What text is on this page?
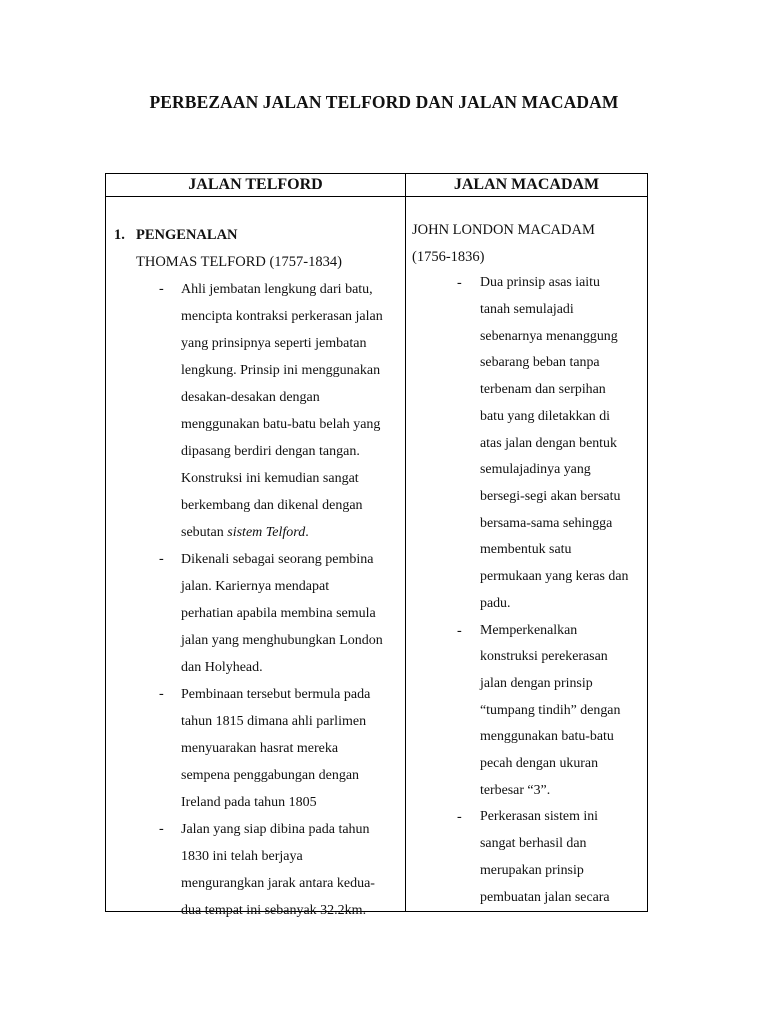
PERBEZAAN JALAN TELFORD DAN JALAN MACADAM
JALAN TELFORD	JALAN MACADAM
1. PENGENALAN
THOMAS TELFORD (1757-1834)
- Ahli jembatan lengkung dari batu,
mencipta kontraksi perkerasan jalan
yang prinsipnya seperti jembatan
lengkung. Prinsip ini menggunakan
desakan-desakan dengan
menggunakan batu-batu belah yang
dipasang berdiri dengan tangan.
Konstruksi ini kemudian sangat
berkembang dan dikenal dengan
sebutan sistem Telford.
- Dikenali sebagai seorang pembina
jalan. Kariernya mendapat
perhatian apabila membina semula
jalan yang menghubungkan London
dan Holyhead.
- Pembinaan tersebut bermula pada
tahun 1815 dimana ahli parlimen
menyuarakan hasrat mereka
sempena penggabungan dengan
Ireland pada tahun 1805
- Jalan yang siap dibina pada tahun
1830 ini telah berjaya
mengurangkan jarak antara kedua-
dua tempat ini sebanyak 32.2km.
JOHN LONDON MACADAM
(1756-1836)
- Dua prinsip asas iaitu
tanah semulajadi
sebenarnya menanggung
sebarang beban tanpa
terbenam dan serpihan
batu yang diletakkan di
atas jalan dengan bentuk
semulajadinya yang
bersegi-segi akan bersatu
bersama-sama sehingga
membentuk satu
permukaan yang keras dan
padu.
- Memperkenalkan
konstruksi perekerasan
jalan dengan prinsip
“tumpang tindih” dengan
menggunakan batu-batu
pecah dengan ukuran
terbesar “3”.
- Perkerasan sistem ini
sangat berhasil dan
merupakan prinsip
pembuatan jalan secara
